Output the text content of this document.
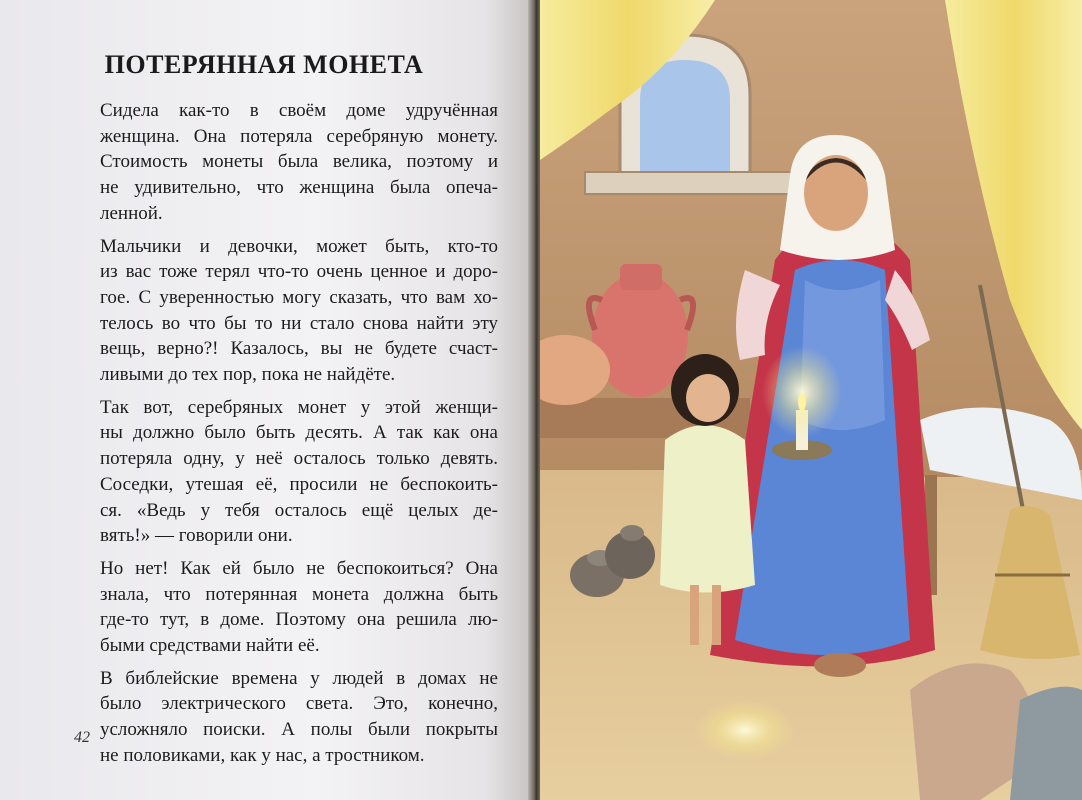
ПОТЕРЯННАЯ МОНЕТА

Сидела как-то в своём доме удручённая
женщина. Она потеряла серебряную монету.
Стоимость монеты была велика, поэтому и
не удивительно, что женщина была опеча-
ленной.

Мальчики и девочки, может быть, кто-то
из вас тоже терял что-то очень ценное и доро-
гое. С уверенностью могу сказать, что вам хо-
телось во что бы то ни стало снова найти эту
вещь, верно?! Казалось, вы не будете счаст-
ливыми до тех пор, пока не найдёте.

Так вот, серебряных монет у этой женщи-
ны должно было быть десять. А так как она
потеряла одну, у неё осталось только девять.
Соседки, утешая её, просили не беспокоить-
ся. «Ведь у тебя осталось ещё целых де-
вять!» — говорили они.

Но нет! Как ей было не беспокоиться? Она
знала, что потерянная монета должна быть
где-то тут, в доме. Поэтому она решила лю-
быми средствами найти её.

В библейские времена у людей в домах не
было электрического света. Это, конечно,
усложняло поиски. А полы были покрыты
не половиками, как у нас, а тростником.

42
